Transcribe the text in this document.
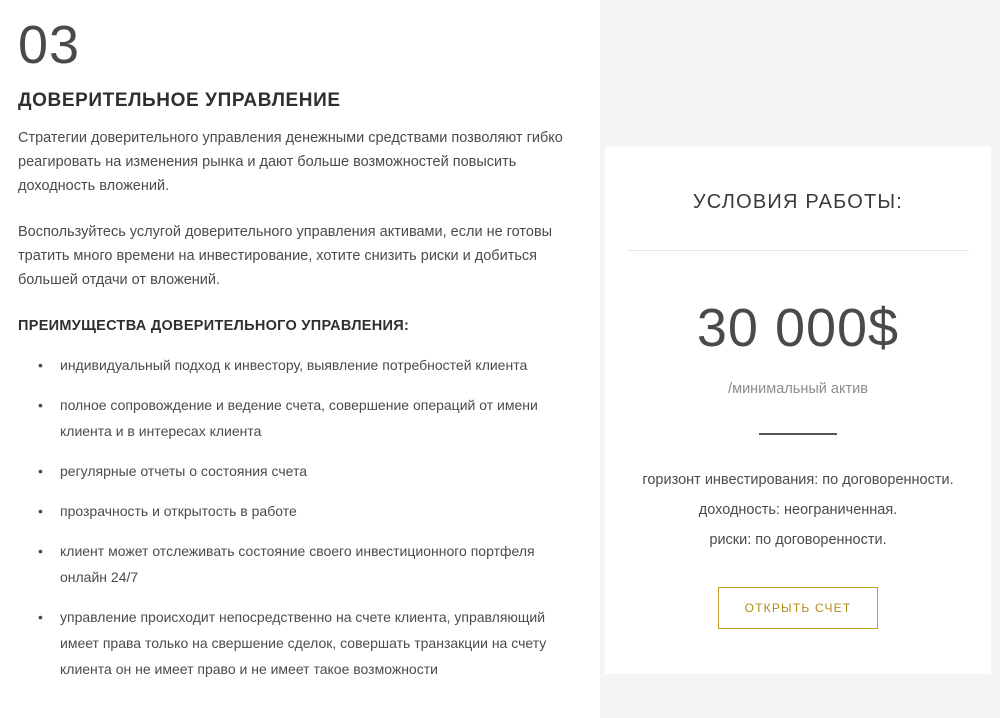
03
ДОВЕРИТЕЛЬНОЕ УПРАВЛЕНИЕ

Стратегии доверительного управления денежными средствами позволяют гибко реагировать на изменения рынка и дают больше возможностей повысить доходность вложений.

Воспользуйтесь услугой доверительного управления активами, если не готовы тратить много времени на инвестирование, хотите снизить риски и добиться большей отдачи от вложений.

ПРЕИМУЩЕСТВА ДОВЕРИТЕЛЬНОГО УПРАВЛЕНИЯ:
• индивидуальный подход к инвестору, выявление потребностей клиента
• полное сопровождение и ведение счета, совершение операций от имени клиента и в интересах клиента
• регулярные отчеты о состояния счета
• прозрачность и открытость в работе
• клиент может отслеживать состояние своего инвестиционного портфеля онлайн 24/7
• управление происходит непосредственно на счете клиента, управляющий имеет права только на свершение сделок, совершать транзакции на счету клиента он не имеет право и не имеет такое возможности
УСЛОВИЯ РАБОТЫ:
30 000$
/минимальный актив
горизонт инвестирования: по договоренности.
доходность: неограниченная.
риски: по договоренности.
ОТКРЫТЬ СЧЕТ
